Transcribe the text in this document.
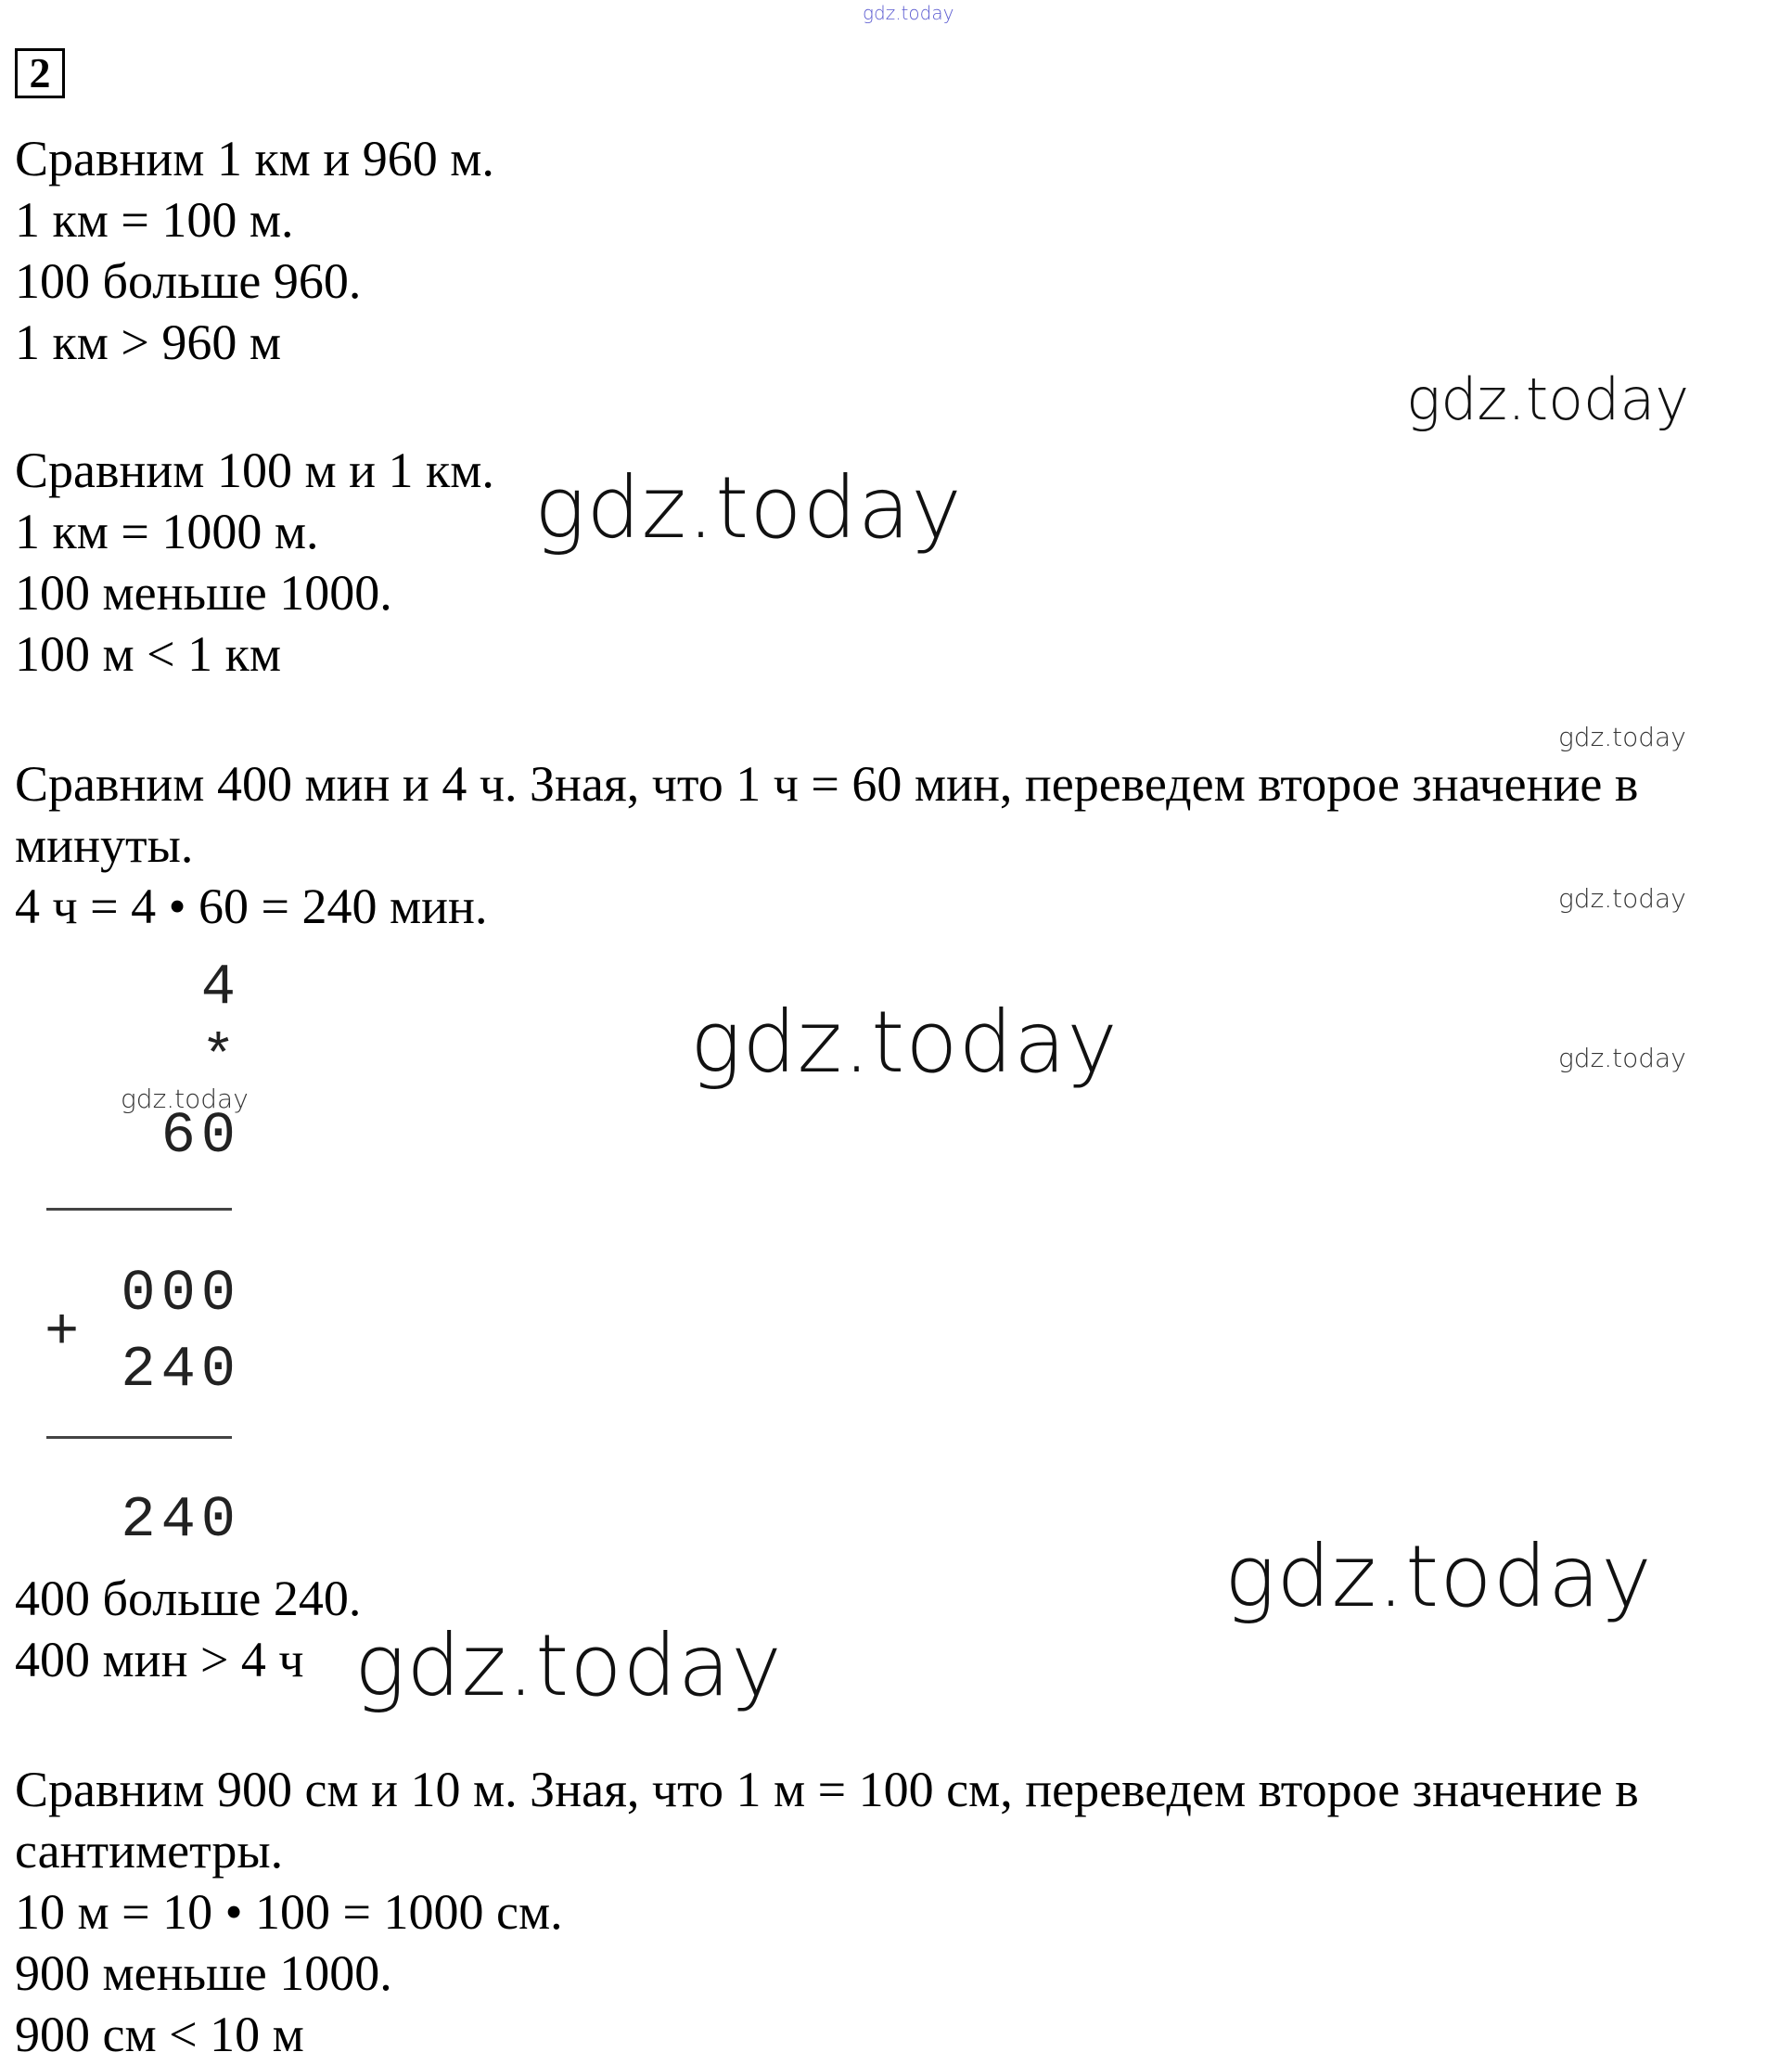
2
Сравним 1 км и 960 м.
1 км = 100 м.
100 больше 960.
1 км > 960 м
Сравним 100 м и 1 км.
1 км = 1000 м.
100 меньше 1000.
100 м < 1 км
Сравним 400 мин и 4 ч. Зная, что 1 ч = 60 мин, переведем второе значение в
минуты.
4 ч = 4 • 60 = 240 мин.
4
*
60
+
000
240
240
400 больше 240.
400 мин > 4 ч
Сравним 900 см и 10 м. Зная, что 1 м = 100 см, переведем второе значение в
сантиметры.
10 м = 10 • 100 = 1000 см.
900 меньше 1000.
900 см < 10 м
gdz.today
gdz.today
gdz.today
gdz.today
gdz.today
gdz.today	gdz.today
gdz.today
gdz.today
gdz.today
